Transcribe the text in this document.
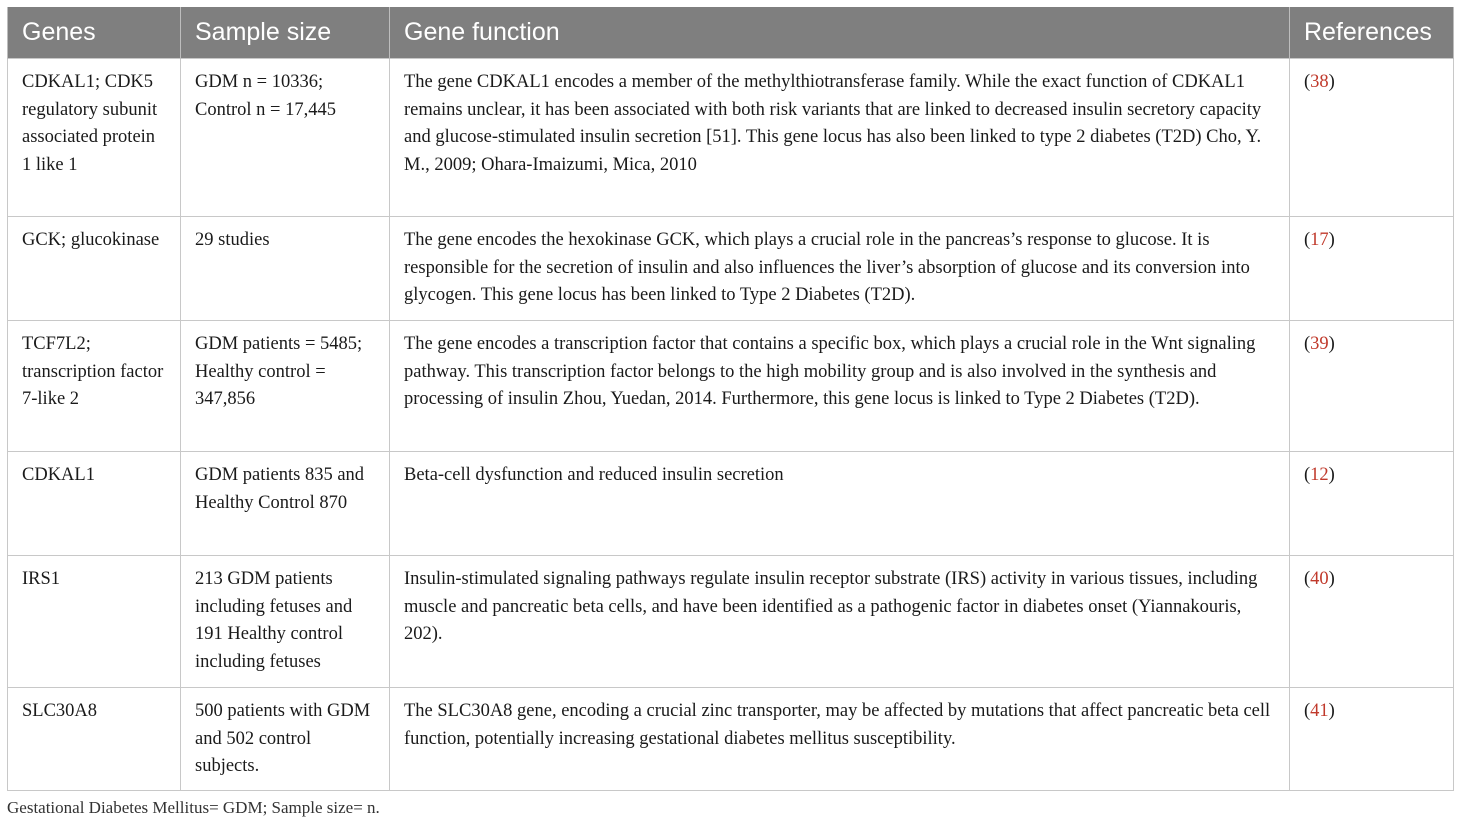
Genes	Sample size	Gene function	References
CDKAL1; CDK5 regulatory subunit associated protein 1 like 1	GDM n = 10336; Control n = 17,445	The gene CDKAL1 encodes a member of the methylthiotransferase family. While the exact function of CDKAL1 remains unclear, it has been associated with both risk variants that are linked to decreased insulin secretory capacity and glucose-stimulated insulin secretion [51]. This gene locus has also been linked to type 2 diabetes (T2D) Cho, Y. M., 2009; Ohara-Imaizumi, Mica, 2010	(38)
GCK; glucokinase	29 studies	The gene encodes the hexokinase GCK, which plays a crucial role in the pancreas’s response to glucose. It is responsible for the secretion of insulin and also influences the liver’s absorption of glucose and its conversion into glycogen. This gene locus has been linked to Type 2 Diabetes (T2D).	(17)
TCF7L2; transcription factor 7-like 2	GDM patients = 5485; Healthy control = 347,856	The gene encodes a transcription factor that contains a specific box, which plays a crucial role in the Wnt signaling pathway. This transcription factor belongs to the high mobility group and is also involved in the synthesis and processing of insulin Zhou, Yuedan, 2014. Furthermore, this gene locus is linked to Type 2 Diabetes (T2D).	(39)
CDKAL1	GDM patients 835 and Healthy Control 870	Beta-cell dysfunction and reduced insulin secretion	(12)
IRS1	213 GDM patients including fetuses and 191 Healthy control including fetuses	Insulin-stimulated signaling pathways regulate insulin receptor substrate (IRS) activity in various tissues, including muscle and pancreatic beta cells, and have been identified as a pathogenic factor in diabetes onset (Yiannakouris, 202).	(40)
SLC30A8	500 patients with GDM and 502 control subjects.	The SLC30A8 gene, encoding a crucial zinc transporter, may be affected by mutations that affect pancreatic beta cell function, potentially increasing gestational diabetes mellitus susceptibility.	(41)
Gestational Diabetes Mellitus= GDM; Sample size= n.
